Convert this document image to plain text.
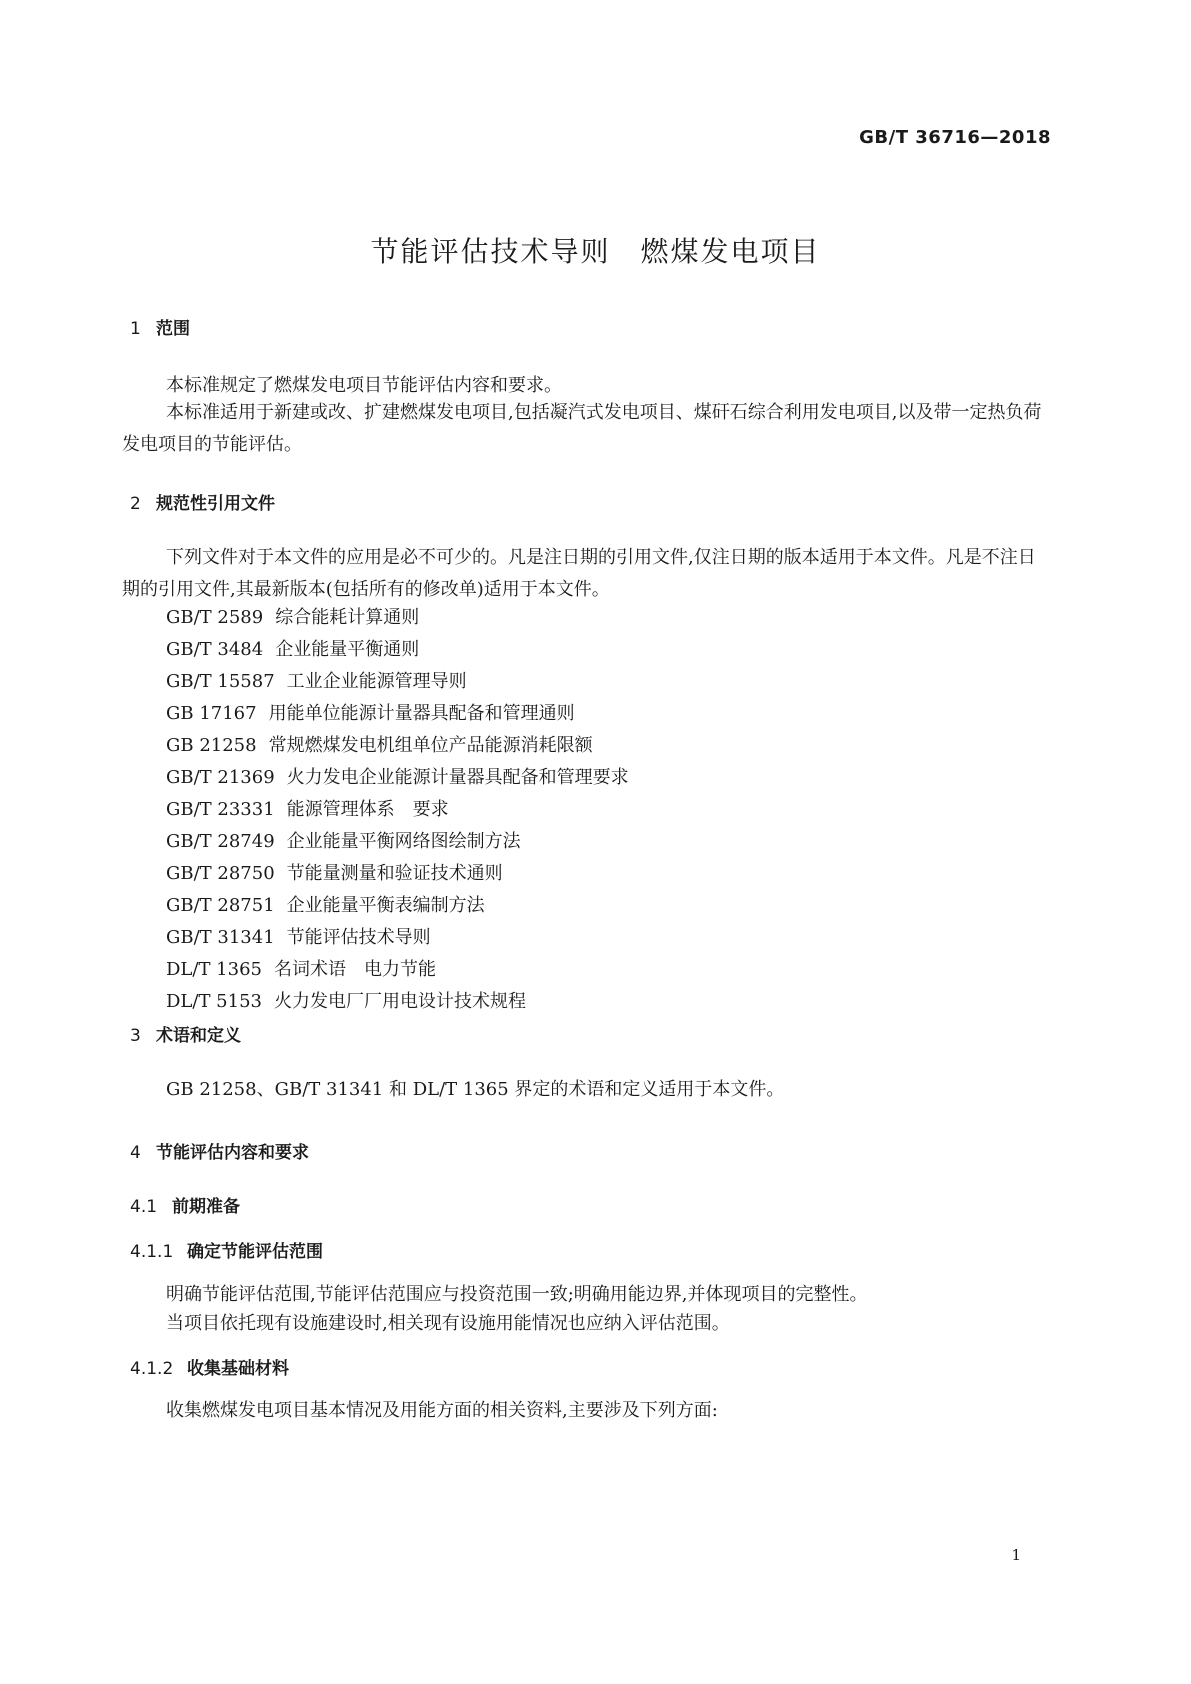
GB/T 36716—2018
节能评估技术导则　燃煤发电项目
1 范围
本标准规定了燃煤发电项目节能评估内容和要求。
本标准适用于新建或改、扩建燃煤发电项目,包括凝汽式发电项目、煤矸石综合利用发电项目,以及带一定热负荷发电项目的节能评估。
2 规范性引用文件
下列文件对于本文件的应用是必不可少的。凡是注日期的引用文件,仅注日期的版本适用于本文件。凡是不注日期的引用文件,其最新版本(包括所有的修改单)适用于本文件。
GB/T 2589 综合能耗计算通则
GB/T 3484 企业能量平衡通则
GB/T 15587 工业企业能源管理导则
GB 17167 用能单位能源计量器具配备和管理通则
GB 21258 常规燃煤发电机组单位产品能源消耗限额
GB/T 21369 火力发电企业能源计量器具配备和管理要求
GB/T 23331 能源管理体系　要求
GB/T 28749 企业能量平衡网络图绘制方法
GB/T 28750 节能量测量和验证技术通则
GB/T 28751 企业能量平衡表编制方法
GB/T 31341 节能评估技术导则
DL/T 1365 名词术语　电力节能
DL/T 5153 火力发电厂厂用电设计技术规程
3 术语和定义
GB 21258、GB/T 31341 和 DL/T 1365 界定的术语和定义适用于本文件。
4 节能评估内容和要求
4.1 前期准备
4.1.1 确定节能评估范围
明确节能评估范围,节能评估范围应与投资范围一致;明确用能边界,并体现项目的完整性。
当项目依托现有设施建设时,相关现有设施用能情况也应纳入评估范围。
4.1.2 收集基础材料
收集燃煤发电项目基本情况及用能方面的相关资料,主要涉及下列方面:
1
